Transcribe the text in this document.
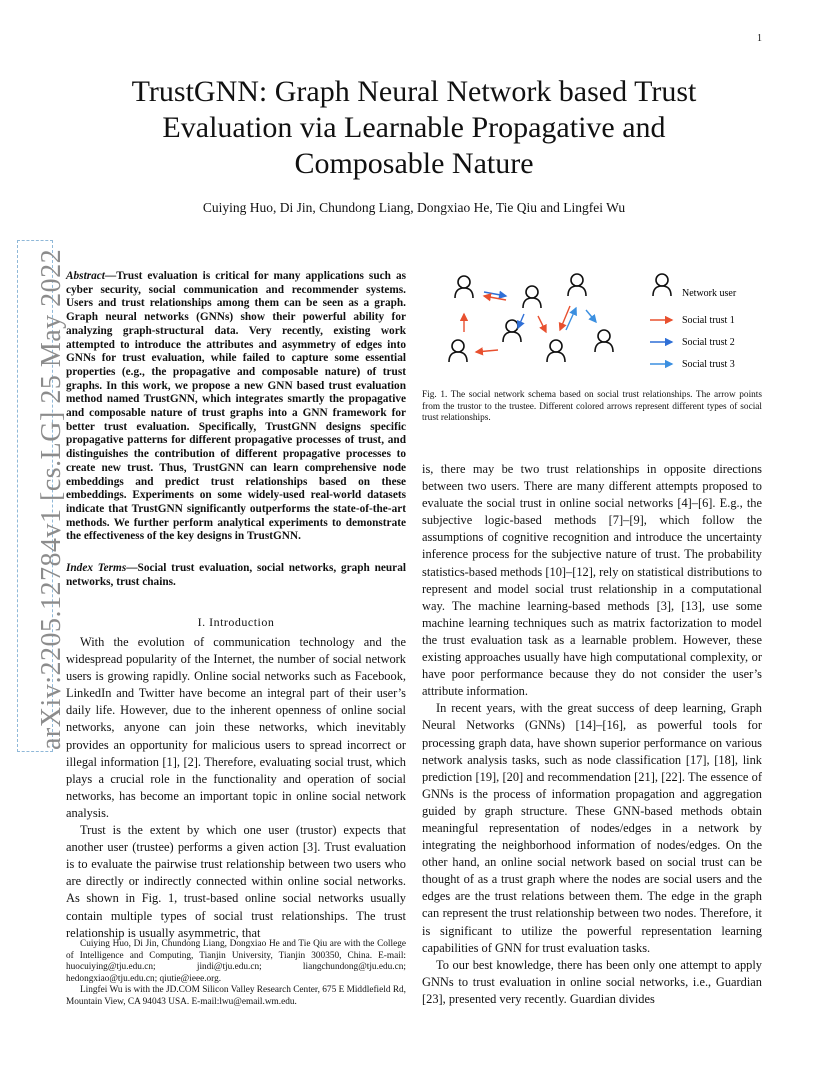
1
arXiv:2205.12784v1 [cs.LG] 25 May 2022
TrustGNN: Graph Neural Network based Trust
Evaluation via Learnable Propagative and
Composable Nature
Cuiying Huo, Di Jin, Chundong Liang, Dongxiao He, Tie Qiu and Lingfei Wu
Abstract—Trust evaluation is critical for many applications such as cyber security, social communication and recommender systems. Users and trust relationships among them can be seen as a graph. Graph neural networks (GNNs) show their powerful ability for analyzing graph-structural data. Very recently, existing work attempted to introduce the attributes and asymmetry of edges into GNNs for trust evaluation, while failed to capture some essential properties (e.g., the propagative and composable nature) of trust graphs. In this work, we propose a new GNN based trust evaluation method named TrustGNN, which integrates smartly the propagative and composable nature of trust graphs into a GNN framework for better trust evaluation. Specifically, TrustGNN designs specific propagative patterns for different propagative processes of trust, and distinguishes the contribution of different propagative processes to create new trust. Thus, TrustGNN can learn comprehensive node embeddings and predict trust relationships based on these embeddings. Experiments on some widely-used real-world datasets indicate that TrustGNN significantly outperforms the state-of-the-art methods. We further perform analytical experiments to demonstrate the effectiveness of the key designs in TrustGNN.
Index Terms—Social trust evaluation, social networks, graph neural networks, trust chains.
I. Introduction

With the evolution of communication technology and the widespread popularity of the Internet, the number of social network users is growing rapidly. Online social networks such as Facebook, LinkedIn and Twitter have become an integral part of their user’s daily life. However, due to the inherent openness of online social networks, anyone can join these networks, which inevitably provides an opportunity for malicious users to spread incorrect or illegal information [1], [2]. Therefore, evaluating social trust, which plays a crucial role in the functionality and operation of social networks, has become an important topic in online social network analysis.

Trust is the extent by which one user (trustor) expects that another user (trustee) performs a given action [3]. Trust evaluation is to evaluate the pairwise trust relationship between two users who are directly or indirectly connected within online social networks. As shown in Fig. 1, trust-based online social networks usually contain multiple types of social trust relationships. The trust relationship is usually asymmetric, that

Cuiying Huo, Di Jin, Chundong Liang, Dongxiao He and Tie Qiu are with the College of Intelligence and Computing, Tianjin University, Tianjin 300350, China. E-mail: huocuiying@tju.edu.cn; jindi@tju.edu.cn; liangchundong@tju.edu.cn; hedongxiao@tju.edu.cn; qiutie@ieee.org.

Lingfei Wu is with the JD.COM Silicon Valley Research Center, 675 E Middlefield Rd, Mountain View, CA 94043 USA. E-mail:lwu@email.wm.edu.

Network user
Social trust 1
Social trust 2
Social trust 3
Fig. 1. The social network schema based on social trust relationships. The arrow points from the trustor to the trustee. Different colored arrows represent different types of social trust relationships.

is, there may be two trust relationships in opposite directions between two users. There are many different attempts proposed to evaluate the social trust in online social networks [4]–[6]. E.g., the subjective logic-based methods [7]–[9], which follow the assumptions of cognitive recognition and introduce the uncertainty inference process for the subjective nature of trust. The probability statistics-based methods [10]–[12], rely on statistical distributions to represent and model social trust relationship in a computational way. The machine learning-based methods [3], [13], use some machine learning techniques such as matrix factorization to model the trust evaluation task as a learnable problem. However, these existing approaches usually have high computational complexity, or have poor performance because they do not consider the user’s attribute information.

In recent years, with the great success of deep learning, Graph Neural Networks (GNNs) [14]–[16], as powerful tools for processing graph data, have shown superior performance on various network analysis tasks, such as node classification [17], [18], link prediction [19], [20] and recommendation [21], [22]. The essence of GNNs is the process of information propagation and aggregation guided by graph structure. These GNN-based methods obtain meaningful representation of nodes/edges in a network by integrating the neighborhood information of nodes/edges. On the other hand, an online social network based on social trust can be thought of as a trust graph where the nodes are social users and the edges are the trust relations between them. The edge in the graph can represent the trust relationship between two nodes. Therefore, it is significant to utilize the powerful representation learning capabilities of GNN for trust evaluation tasks.

To our best knowledge, there has been only one attempt to apply GNNs to trust evaluation in online social networks, i.e., Guardian [23], presented very recently. Guardian divides
